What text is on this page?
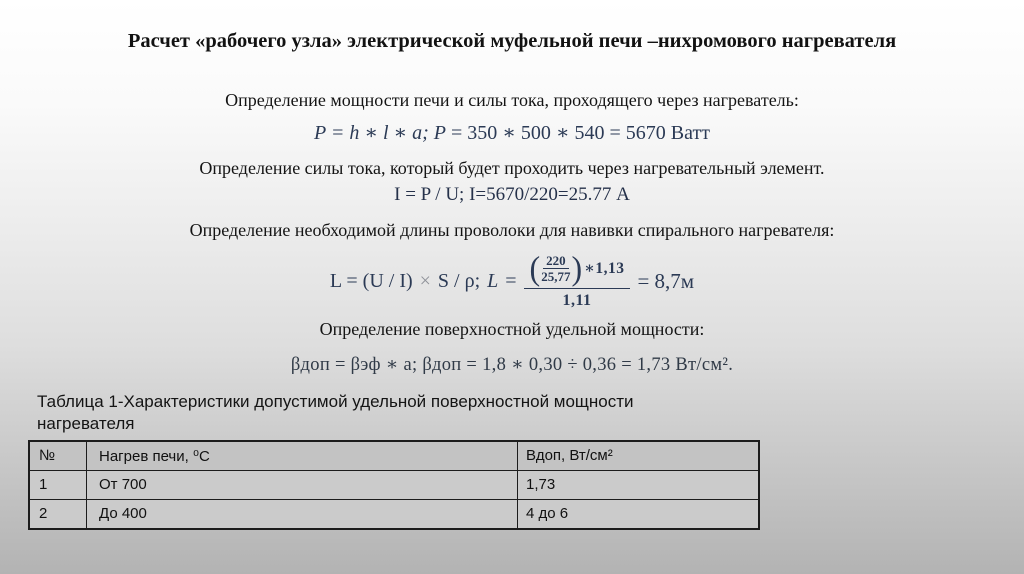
Расчет «рабочего узла» электрической муфельной печи –нихромового нагревателя
Определение мощности печи и силы тока, проходящего через нагреватель:
P = h ∗ l ∗ a; P = 350 ∗ 500 ∗ 540 = 5670 Ватт
Определение силы тока, который будет проходить через нагревательный элемент.
I = P / U; I=5670/220=25.77 А
Определение необходимой длины проволоки для навивки спирального нагревателя:
L = (U / I) × S / ρ; L = ( $\frac{220}{25,77}$ ) ∗1,13
1,11
= 8,7м
Определение поверхностной удельной мощности:
βдоп = βэф ∗ а; βдоп = 1,8 ∗ 0,30 ÷ 0,36 = 1,73 Вт/см².
Таблица 1-Характеристики допустимой удельной поверхностной мощности нагревателя
№	Нагрев печи, ⁰С	Вдоп, Вт/см²
1	От 700	1,73
2	До 400	4 до 6
